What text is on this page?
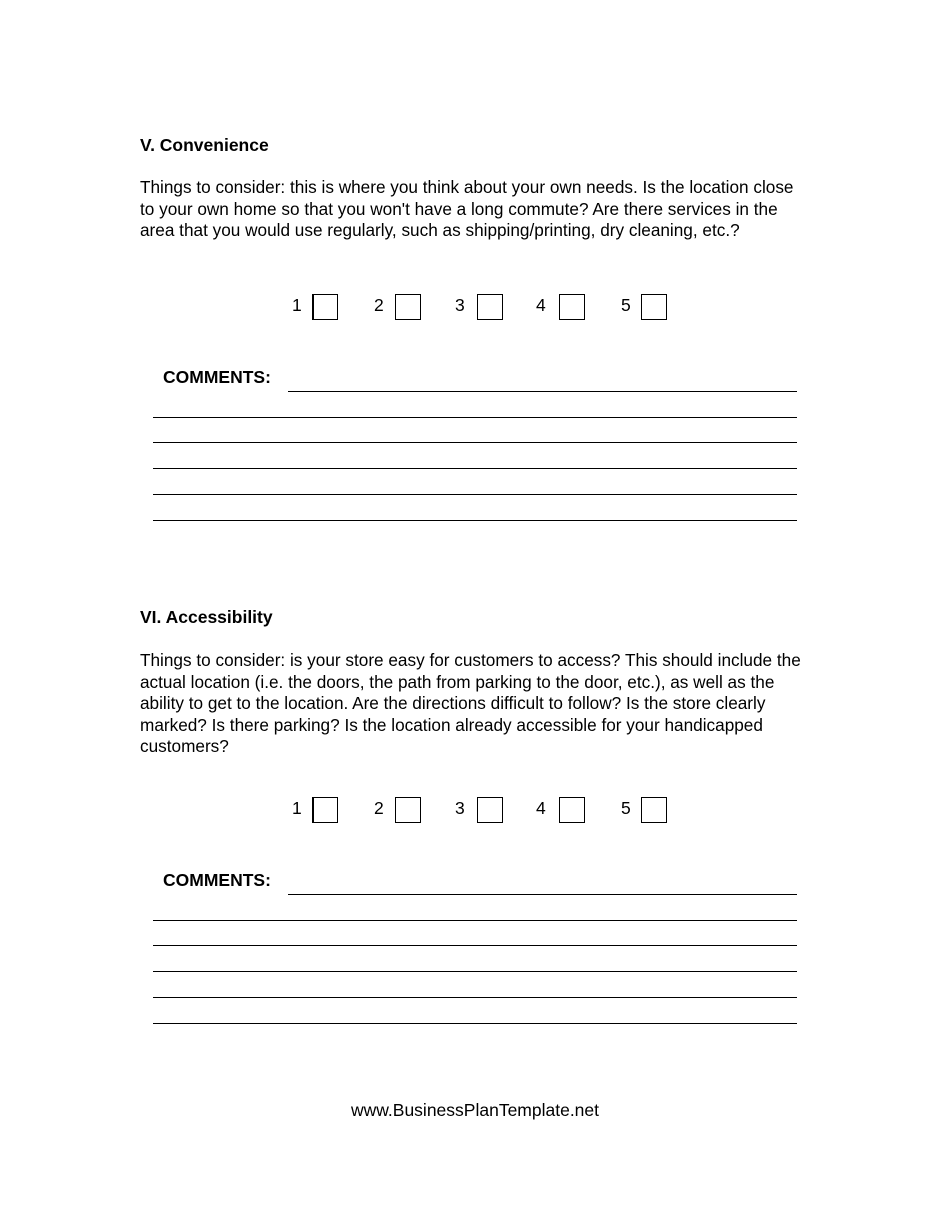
V. Convenience

Things to consider: this is where you think about your own needs. Is the location close to your own home so that you won't have a long commute? Are there services in the area that you would use regularly, such as shipping/printing, dry cleaning, etc.?

1	2	3	4	5

COMMENTS:

VI. Accessibility

Things to consider: is your store easy for customers to access? This should include the actual location (i.e. the doors, the path from parking to the door, etc.), as well as the ability to get to the location. Are the directions difficult to follow? Is the store clearly marked? Is there parking? Is the location already accessible for your handicapped customers?

1	2	3	4	5

COMMENTS:

www.BusinessPlanTemplate.net
